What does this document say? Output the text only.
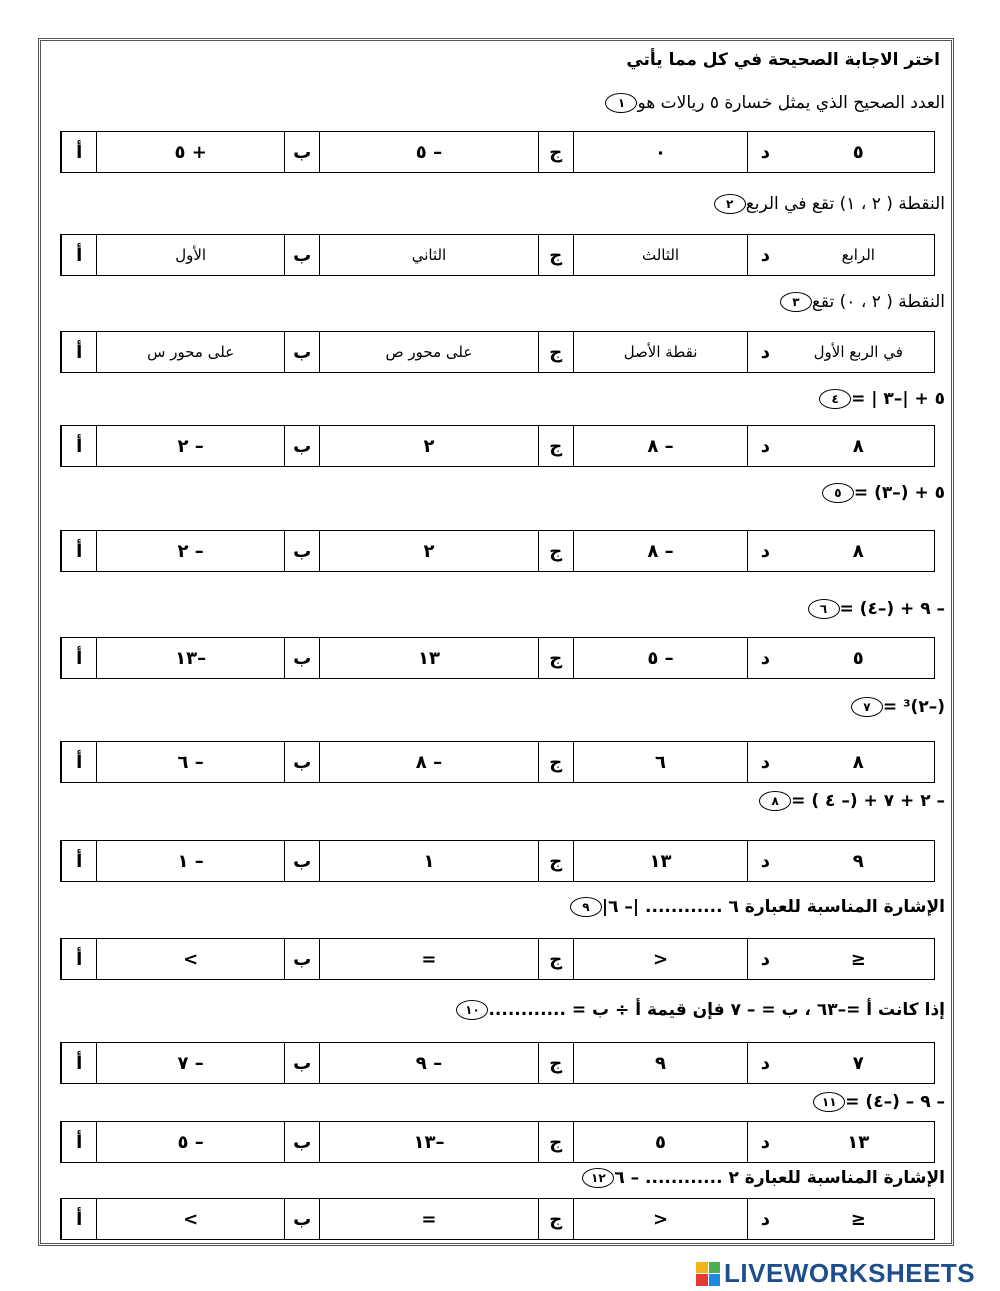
اختر الاجابة الصحيحة في كل مما يأتي
١ العدد الصحيح الذي يمثل خسارة ٥ ريالات هو
أ	+ ٥	ب	– ٥	ج	٠	د	٥
٢ النقطة ( ٢ ، ١) تقع في الربع
أ	الأول	ب	الثاني	ج	الثالث	د	الرابع
٣ النقطة ( ٢ ، ٠) تقع
أ	على محور س	ب	على محور ص	ج	نقطة الأصل	د	في الربع الأول
٤ ٥ + |–٣ | =
أ	– ٢	ب	٢	ج	– ٨	د	٨
٥ ٥ + (–٣) =
أ	– ٢	ب	٢	ج	– ٨	د	٨
٦ – ٩ + (–٤) =
أ	–١٣	ب	١٣	ج	– ٥	د	٥
٧ (–٢)³ =
أ	– ٦	ب	– ٨	ج	٦	د	٨
٨ – ٢ + ٧ + (– ٤ ) =
أ	– ١	ب	١	ج	١٣	د	٩
٩ الإشارة المناسبة للعبارة ٦ ............ |– ٦|
أ	>	ب	=	ج	<	د	≤
١٠ إذا كانت أ =–٦٣ ، ب = – ٧ فإن قيمة أ ÷ ب = ............
أ	– ٧	ب	– ٩	ج	٩	د	٧
١١ – ٩ – (–٤) =
أ	– ٥	ب	–١٣	ج	٥	د	١٣
١٢ الإشارة المناسبة للعبارة ٢ ............ – ٦
أ	>	ب	=	ج	<	د	≤
LIVEWORKSHEETS
